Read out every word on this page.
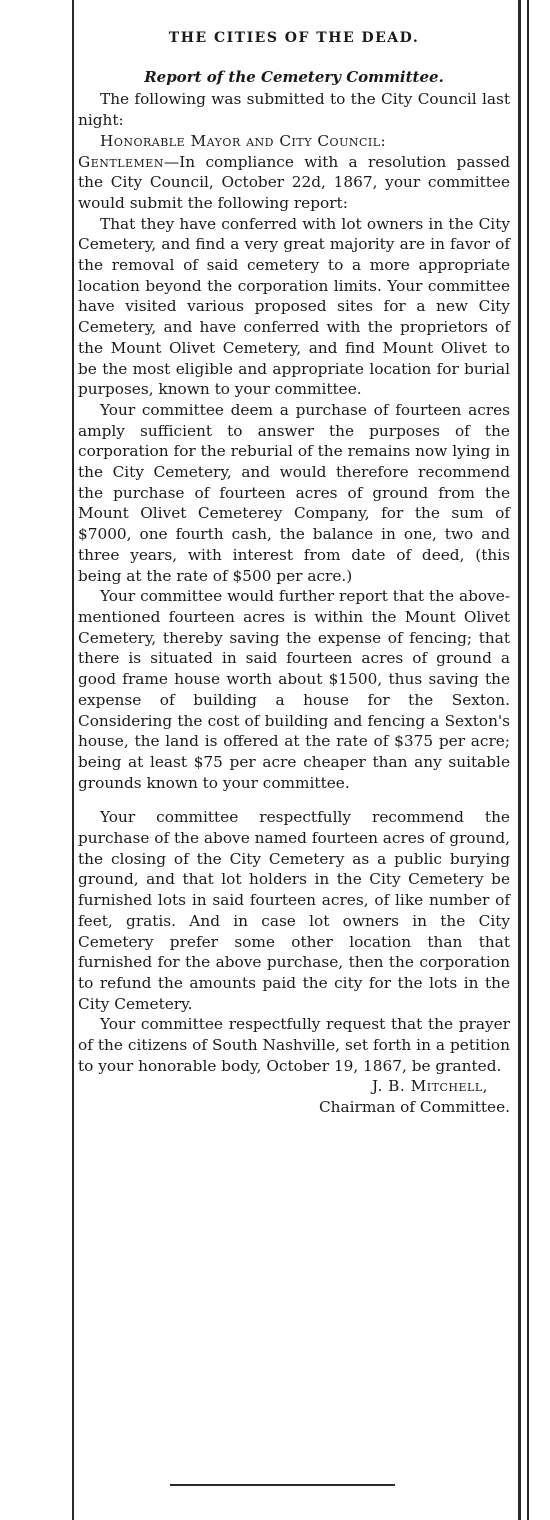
THE CITIES OF THE DEAD.
Report of the Cemetery Committee.

The following was submitted to the City Council last night:

Honorable Mayor and City Council:

Gentlemen—In compliance with a resolution passed the City Council, October 22d, 1867, your committee would submit the following report:

That they have conferred with lot owners in the City Cemetery, and find a very great majority are in favor of the removal of said cemetery to a more appropriate location beyond the corporation limits. Your committee have visited various proposed sites for a new City Cemetery, and have conferred with the proprietors of the Mount Olivet Cemetery, and find Mount Olivet to be the most eligible and appropriate location for burial purposes, known to your committee.

Your committee deem a purchase of fourteen acres amply sufficient to answer the purposes of the corporation for the reburial of the remains now lying in the City Cemetery, and would therefore recommend the purchase of fourteen acres of ground from the Mount Olivet Cemeterey Company, for the sum of $7000, one fourth cash, the balance in one, two and three years, with interest from date of deed, (this being at the rate of $500 per acre.)

Your committee would further report that the above-mentioned fourteen acres is within the Mount Olivet Cemetery, thereby saving the expense of fencing; that there is situated in said fourteen acres of ground a good frame house worth about $1500, thus saving the expense of building a house for the Sexton. Considering the cost of building and fencing a Sexton's house, the land is offered at the rate of $375 per acre; being at least $75 per acre cheaper than any suitable grounds known to your committee.

Your committee respectfully recommend the purchase of the above named fourteen acres of ground, the closing of the City Cemetery as a public burying ground, and that lot holders in the City Cemetery be furnished lots in said fourteen acres, of like number of feet, gratis. And in case lot owners in the City Cemetery prefer some other location than that furnished for the above purchase, then the corporation to refund the amounts paid the city for the lots in the City Cemetery.

Your committee respectfully request that the prayer of the citizens of South Nashville, set forth in a petition to your honorable body, October 19, 1867, be granted.

J. B. Mitchell,
Chairman of Committee.
